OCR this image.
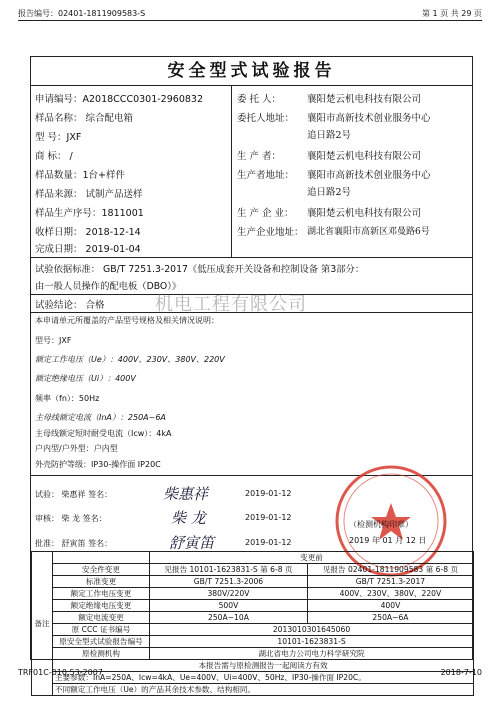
报告编号：02401-1811909583-S	第 1 页 共 29 页
安全型式试验报告
申请编号：A2018CCC0301-2960832
样品名称： 综合配电箱
型 号：JXF
商 标： /
样品数量：1台+样件
样品来源： 试制产品送样
样品生产序号：1811001
收样日期： 2018-12-14
完成日期： 2019-01-04
委 托 人：	襄阳楚云机电科技有限公司
委托人地址： 襄阳市高新技术创业服务中心
追日路2号
生 产 者：	襄阳楚云机电科技有限公司
生产者地址： 襄阳市高新技术创业服务中心
追日路2号
生 产 企 业： 襄阳楚云机电科技有限公司
生产企业地址： 湖北省襄阳市高新区邓曼路6号
试验依据标准： GB/T 7251.3-2017《低压成套开关设备和控制设备 第3部分：
由一般人员操作的配电板（DBO）》
试验结论： 合格
本申请单元所覆盖的产品型号规格及相关情况说明：
型号：JXF
额定工作电压（Ue）：400V、230V、380V、220V
额定绝缘电压（Ui）：400V
频率（fn）：50Hz
主母线额定电流（InA）：250A~6A
主母线额定短时耐受电流（Icw）：4kA
户内型/户外型：户内型
外壳防护等级：IP30-操作面 IP20C
试验： 柴惠祥 签名：	柴惠祥	2019-01-12
审核： 柴 龙 签名：	柴 龙	2019-01-12
批准： 舒寅笛 签名：	舒寅笛	2019-01-12
（检测机构印章）
2019 年 01 月 12 日
备注		变更前	
	安全件变更	见报告 10101-1623831-S 第 6-8 页	见报告 02401-1811909583 第 6-8 页
	标准变更	GB/T 7251.3-2006	GB/T 7251.3-2017
	额定工作电压变更	380V/220V	400V、230V、380V、220V
	额定绝缘电压变更	500V	400V
	额定电流变更	250A~10A	250A~6A
	原 CCC 证书编号	2013010301645060	
	原安全型式试验报告编号	10101-1623831-S	
	原检测机构	湖北省电力公司电力科学研究院	
	本报告需与原检测报告一起阅读方有效		
	主要参数：InA=250A、Icw=4kA、Ue=400V、Ui=400V、50Hz、IP30-操作面 IP20C。		
	不同额定工作电压（Ue）的产品其余技术参数、结构相同。		
机电工程有限公司
TRF01C-010.53-2007	2018-7-10
